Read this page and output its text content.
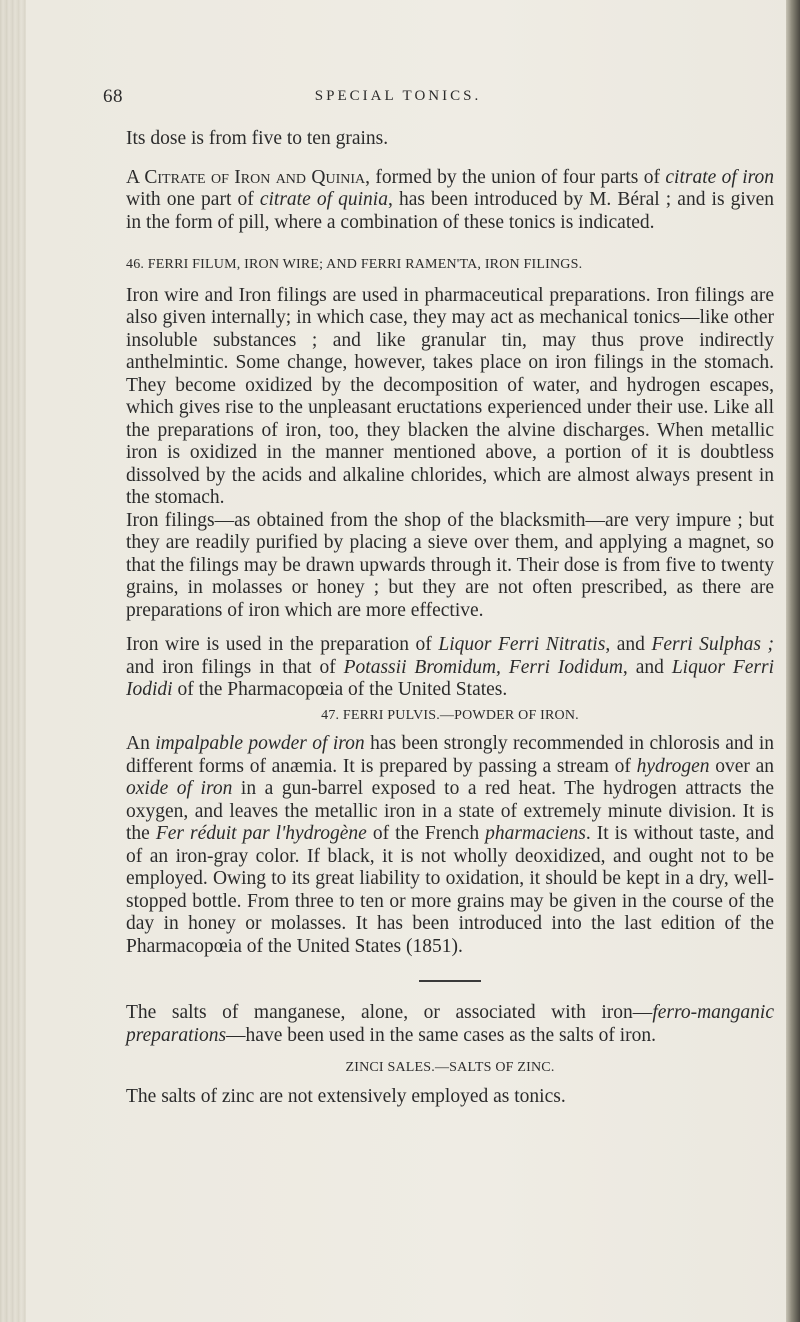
68	SPECIAL TONICS.

Its dose is from five to ten grains.

A Citrate of Iron and Quinia, formed by the union of four parts of citrate of iron with one part of citrate of quinia, has been introduced by M. Béral ; and is given in the form of pill, where a combination of these tonics is indicated.

46. FERRI FILUM, IRON WIRE; AND FERRI RAMEN'TA, IRON FILINGS.

Iron wire and Iron filings are used in pharmaceutical preparations. Iron filings are also given internally; in which case, they may act as mechanical tonics—like other insoluble substances ; and like granular tin, may thus prove indirectly anthelmintic. Some change, however, takes place on iron filings in the stomach. They become oxidized by the decomposition of water, and hydrogen escapes, which gives rise to the unpleasant eructations experienced under their use. Like all the preparations of iron, too, they blacken the alvine discharges. When metallic iron is oxidized in the manner mentioned above, a portion of it is doubtless dissolved by the acids and alkaline chlorides, which are almost always present in the stomach.

Iron filings—as obtained from the shop of the blacksmith—are very impure ; but they are readily purified by placing a sieve over them, and applying a magnet, so that the filings may be drawn upwards through it. Their dose is from five to twenty grains, in molasses or honey ; but they are not often prescribed, as there are preparations of iron which are more effective.

Iron wire is used in the preparation of Liquor Ferri Nitratis, and Ferri Sulphas ; and iron filings in that of Potassii Bromidum, Ferri Iodidum, and Liquor Ferri Iodidi of the Pharmacopœia of the United States.

47. FERRI PULVIS.—POWDER OF IRON.

An impalpable powder of iron has been strongly recommended in chlorosis and in different forms of anæmia. It is prepared by passing a stream of hydrogen over an oxide of iron in a gun-barrel exposed to a red heat. The hydrogen attracts the oxygen, and leaves the metallic iron in a state of extremely minute division. It is the Fer réduit par l'hydrogène of the French pharmaciens. It is without taste, and of an iron-gray color. If black, it is not wholly deoxidized, and ought not to be employed. Owing to its great liability to oxidation, it should be kept in a dry, well-stopped bottle. From three to ten or more grains may be given in the course of the day in honey or molasses. It has been introduced into the last edition of the Pharmacopœia of the United States (1851).

The salts of manganese, alone, or associated with iron—ferro-manganic preparations—have been used in the same cases as the salts of iron.

ZINCI SALES.—SALTS OF ZINC.

The salts of zinc are not extensively employed as tonics.
